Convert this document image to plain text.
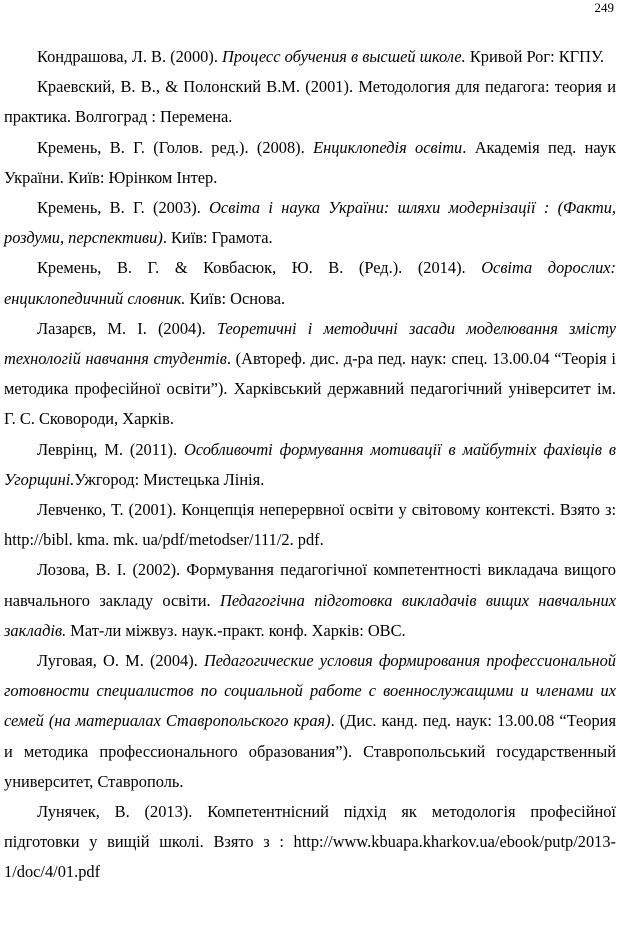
249

Кондрашова, Л. В. (2000). Процесс обучения в высшей школе. Кривой Рог: КГПУ.

Краевский, В. В., & Полонский В.М. (2001). Методология для педагога: теория и практика. Волгоград : Перемена.

Кремень, В. Г. (Голов. ред.). (2008). Енциклопедія освіти. Академія пед. наук України. Київ: Юрінком Інтер.

Кремень, В. Г. (2003). Освіта і наука України: шляхи модернізації : (Факти, роздуми, перспективи). Київ: Грамота.

Кремень, В. Г. & Ковбасюк, Ю. В. (Ред.). (2014). Освіта дорослих: енциклопедичний словник. Київ: Основа.

Лазарєв, М. І. (2004). Теоретичні і методичні засади моделювання змісту технологій навчання студентів. (Автореф. дис. д-ра пед. наук: спец. 13.00.04 “Теорія і методика професійної освіти”). Харківський державний педагогічний університет ім. Г. С. Сковороди, Харків.

Леврінц, М. (2011). Особливочті формування мотивації в майбутніх фахівців в Угорщині.Ужгород: Мистецька Лінія.

Левченко, Т. (2001). Концепція неперервної освіти у світовому контексті. Взято з: http://bibl. kma. mk. ua/pdf/metodser/111/2. pdf.

Лозова, В. І. (2002). Формування педагогічної компетентності викладача вищого навчального закладу освіти. Педагогічна підготовка викладачів вищих навчальних закладів. Мат-ли міжвуз. наук.-практ. конф. Харків: ОВС.

Луговая, О. М. (2004). Педагогические условия формирования профессиональной готовности специалистов по социальной работе с военнослужащими и членами их семей (на материалах Ставропольского края). (Дис. канд. пед. наук: 13.00.08 “Теория и методика профессионального образования”). Ставропольський государственный университет, Ставрополь.

Лунячек, В. (2013). Компетентнісний підхід як методологія професійної підготовки у вищій школі. Взято з : http://www.kbuapa.kharkov.ua/ebook/putp/2013-1/doc/4/01.pdf
